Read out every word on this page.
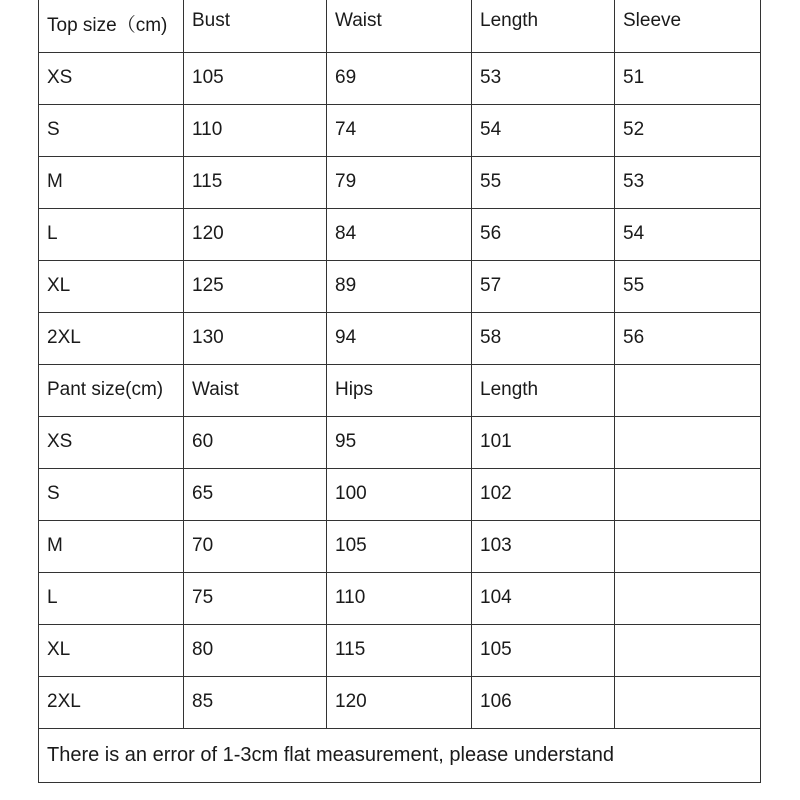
Top size（cm)	Bust	Waist	Length	Sleeve
XS	105	69	53	51
S	110	74	54	52
M	115	79	55	53
L	120	84	56	54
XL	125	89	57	55
2XL	130	94	58	56
Pant size(cm)	Waist	Hips	Length	
XS	60	95	101	
S	65	100	102	
M	70	105	103	
L	75	110	104	
XL	80	115	105	
2XL	85	120	106	
There is an error of 1-3cm flat measurement, please understand				
